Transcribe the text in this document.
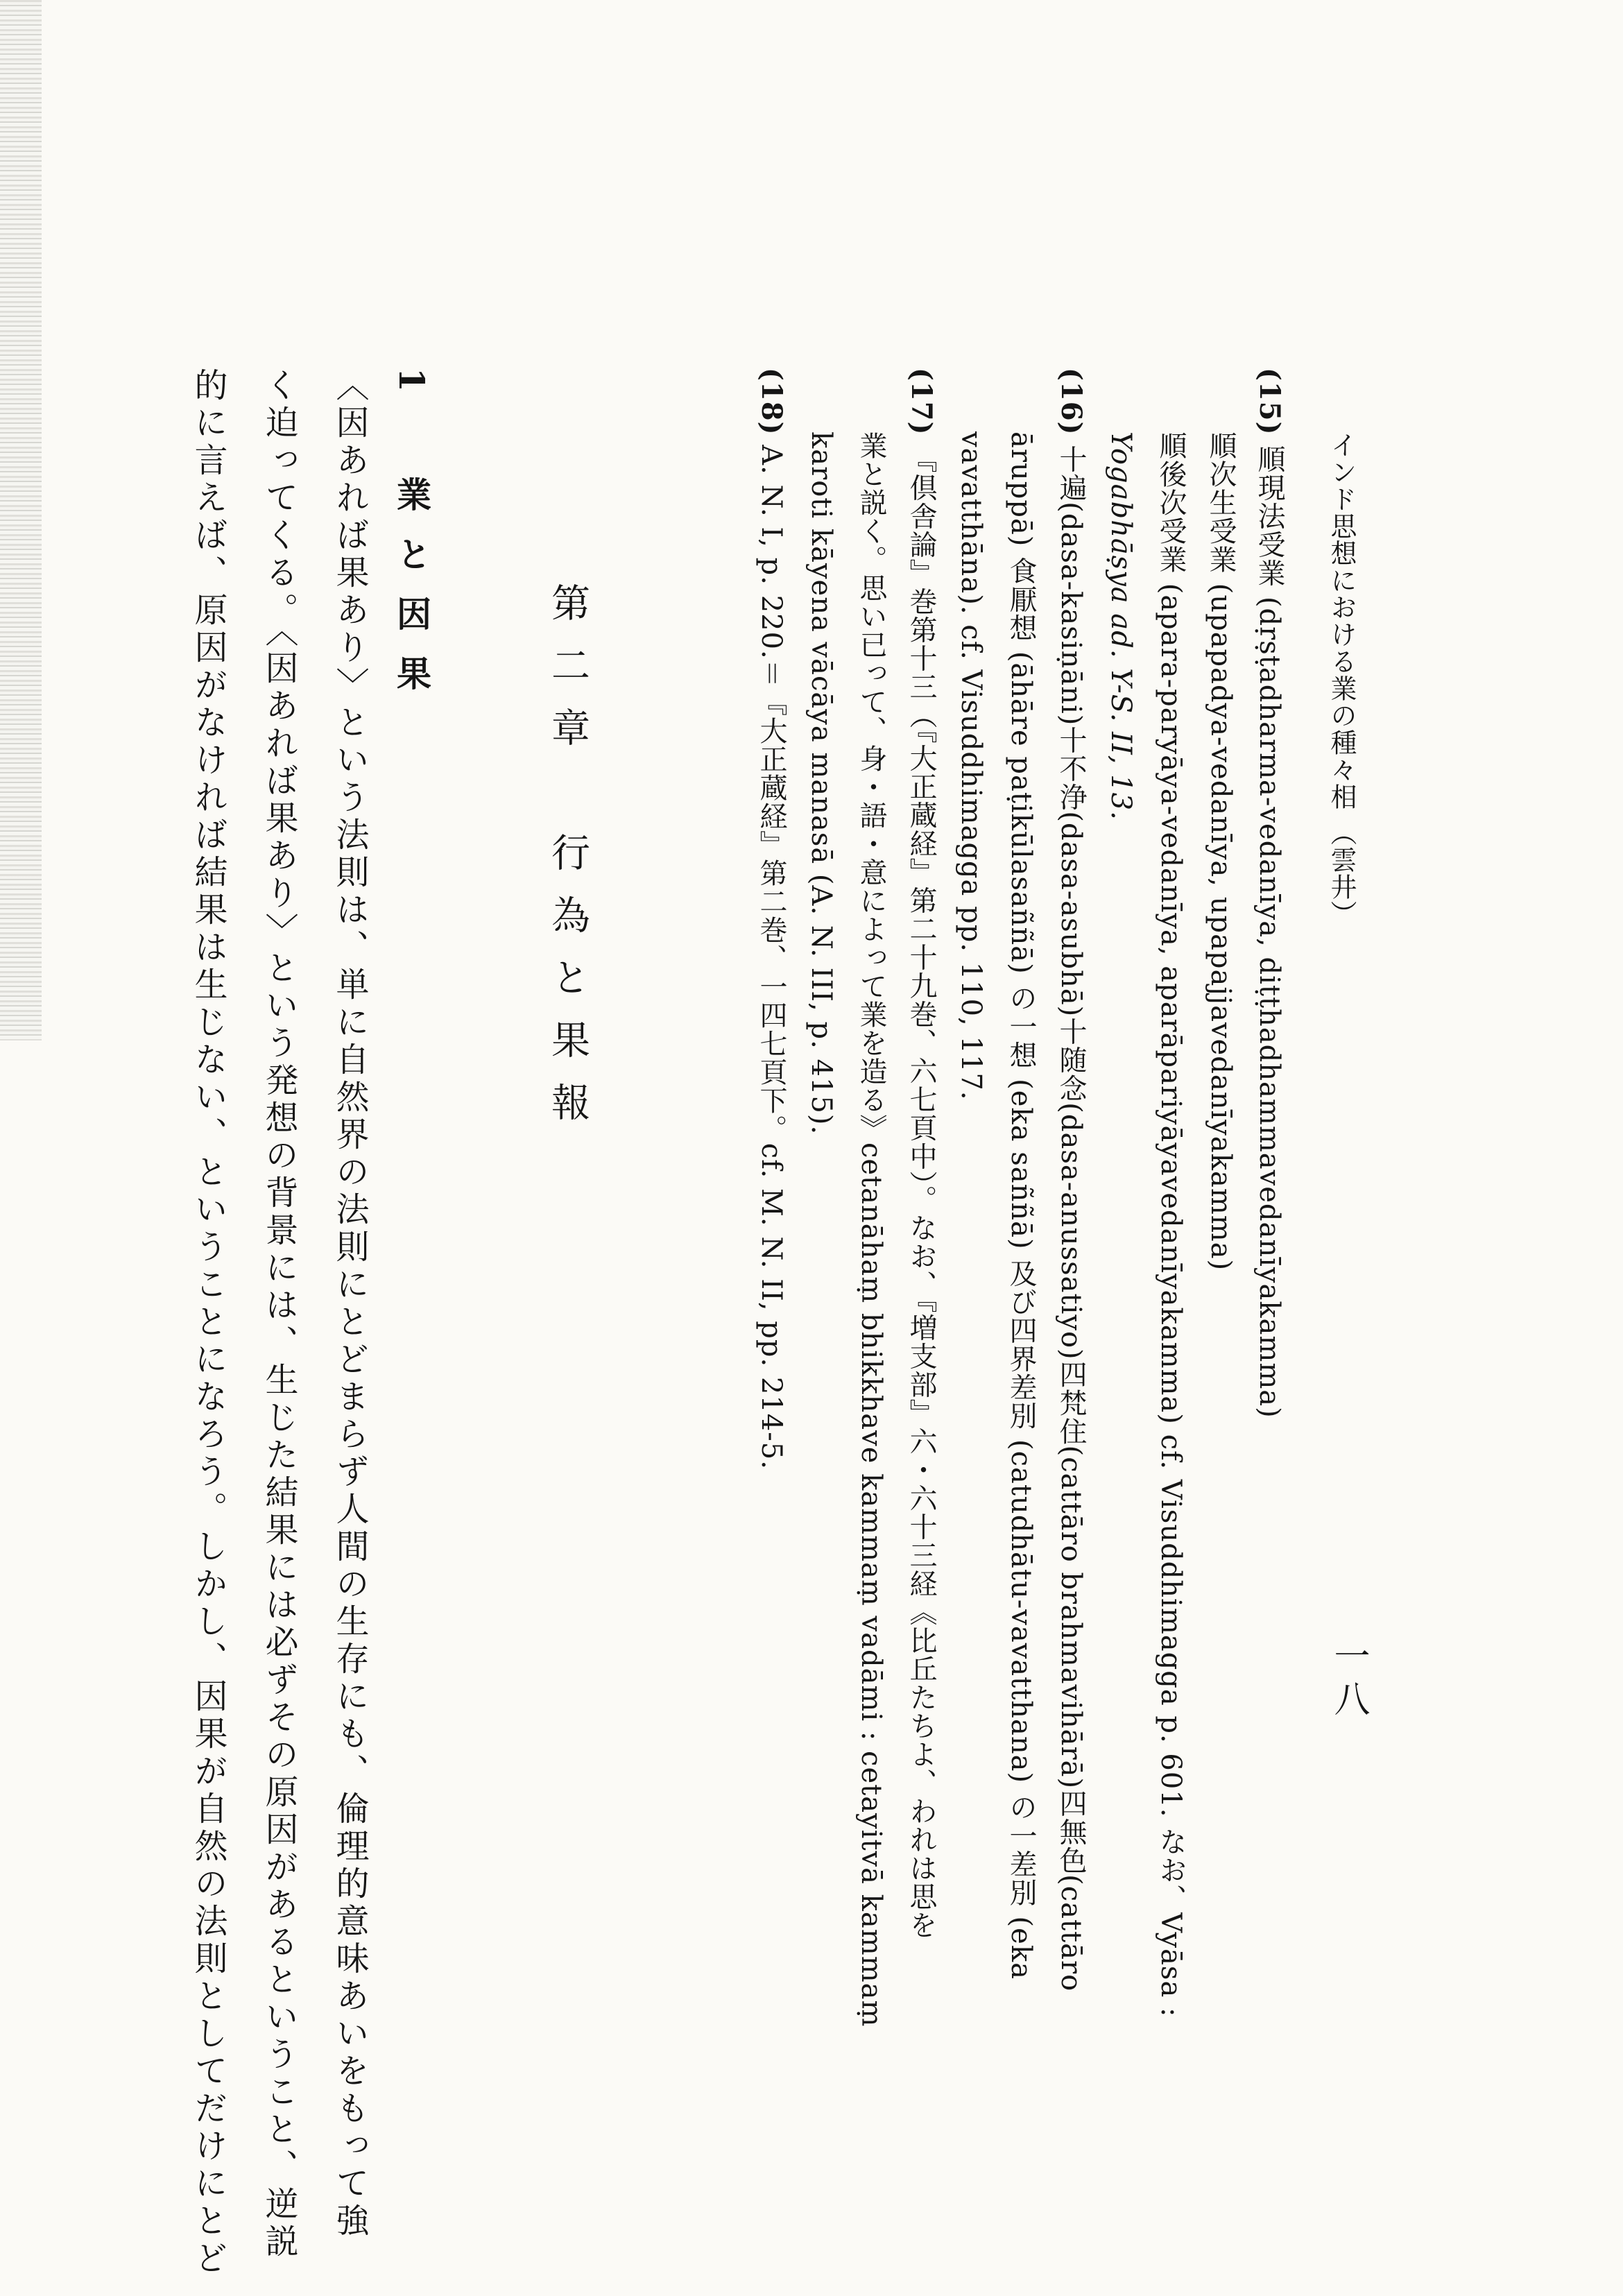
インド思想における業の種々相 （雲井）
一八
(15) 順現法受業 (dṛṣṭadharma-vedanīya, diṭṭhadhammavedanīyakamma)
順次生受業 (upapadya-vedanīya, upapajjavedanīyakamma)
順後次受業 (apara-paryāya-vedanīya, aparāpariyāyavedanīyakamma) cf. Visuddhimagga p. 601. なお、Vyāsa :
Yogabhāṣya ad. Y-S. II, 13.
(16) 十遍(dasa-kasiṇāni)十不浄(dasa-asubhā)十随念(dasa-anussatiyo)四梵住(cattāro brahmavihārā)四無色(cattāro
āruppā) 食厭想 (āhāre paṭikūlasaññā) の一想 (eka saññā) 及び四界差別 (catudhātu-vavatthana) の一差別 (eka
vavatthāna). cf. Visuddhimagga pp. 110, 117.
(17) 『倶舎論』巻第十三（『大正蔵経』第二十九巻、六七頁中）。なお、『増支部』六・六十三経《比丘たちよ、われは思を
業と説く。思い已って、身・語・意によって業を造る》cetanāhaṃ bhikkhave kammaṃ vadāmi : cetayitvā kammaṃ
karoti kāyena vācāya manasā (A. N. III, p. 415).
(18) A. N. I, p. 220.＝『大正蔵経』第二巻、一四七頁下。cf. M. N. II, pp. 214-5.
第二章　行為と果報
1　業と因果
〈因あれば果あり〉という法則は、単に自然界の法則にとどまらず人間の生存にも、倫理的意味あいをもって強
く迫ってくる。〈因あれば果あり〉という発想の背景には、生じた結果には必ずその原因があるということ、逆説
的に言えば、原因がなければ結果は生じない、ということになろう。しかし、因果が自然の法則としてだけにとど
